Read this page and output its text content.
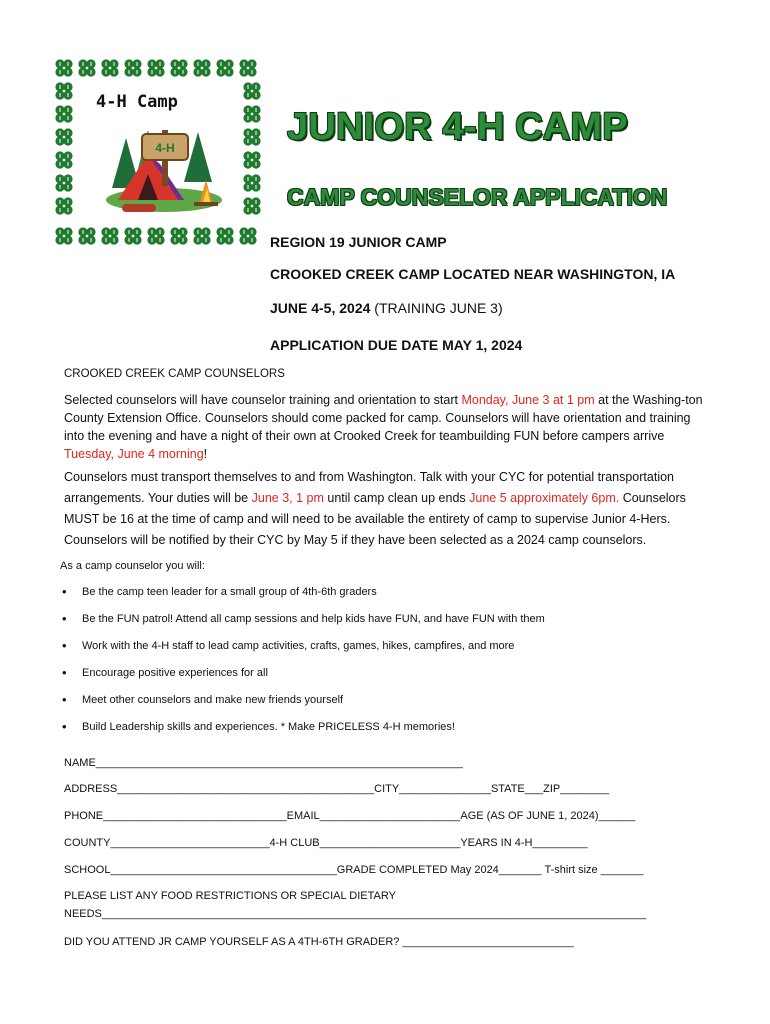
4-H Camp
4-H	JUNIOR 4-H CAMP
CAMP COUNSELOR APPLICATION
REGION 19 JUNIOR CAMP
CROOKED CREEK CAMP LOCATED NEAR WASHINGTON, IA
JUNE 4-5, 2024 (TRAINING JUNE 3)
APPLICATION DUE DATE MAY 1, 2024
CROOKED CREEK CAMP COUNSELORS
Selected counselors will have counselor training and orientation to start Monday, June 3 at 1 pm at the Washing-ton County Extension Office. Counselors should come packed for camp. Counselors will have orientation and training into the evening and have a night of their own at Crooked Creek for teambuilding FUN before campers arrive Tuesday, June 4 morning!
Counselors must transport themselves to and from Washington. Talk with your CYC for potential transportation arrangements. Your duties will be June 3, 1 pm until camp clean up ends June 5 approximately 6pm. Counselors MUST be 16 at the time of camp and will need to be available the entirety of camp to supervise Junior 4-Hers. Counselors will be notified by their CYC by May 5 if they have been selected as a 2024 camp counselors.
As a camp counselor you will:
• Be the camp teen leader for a small group of 4th-6th graders
• Be the FUN patrol! Attend all camp sessions and help kids have FUN, and have FUN with them
• Work with the 4-H staff to lead camp activities, crafts, games, hikes, campfires, and more
• Encourage positive experiences for all
• Meet other counselors and make new friends yourself
• Build Leadership skills and experiences. * Make PRICELESS 4-H memories!
NAME____________________________________________________________
ADDRESS__________________________________________CITY_______________STATE___ZIP________
PHONE______________________________EMAIL_______________________AGE (AS OF JUNE 1, 2024)______
COUNTY__________________________4-H CLUB_______________________YEARS IN 4-H_________
SCHOOL_____________________________________GRADE COMPLETED May 2024_______ T-shirt size _______
PLEASE LIST ANY FOOD RESTRICTIONS OR SPECIAL DIETARY
NEEDS_________________________________________________________________________________________
DID YOU ATTEND JR CAMP YOURSELF AS A 4TH-6TH GRADER? ____________________________
